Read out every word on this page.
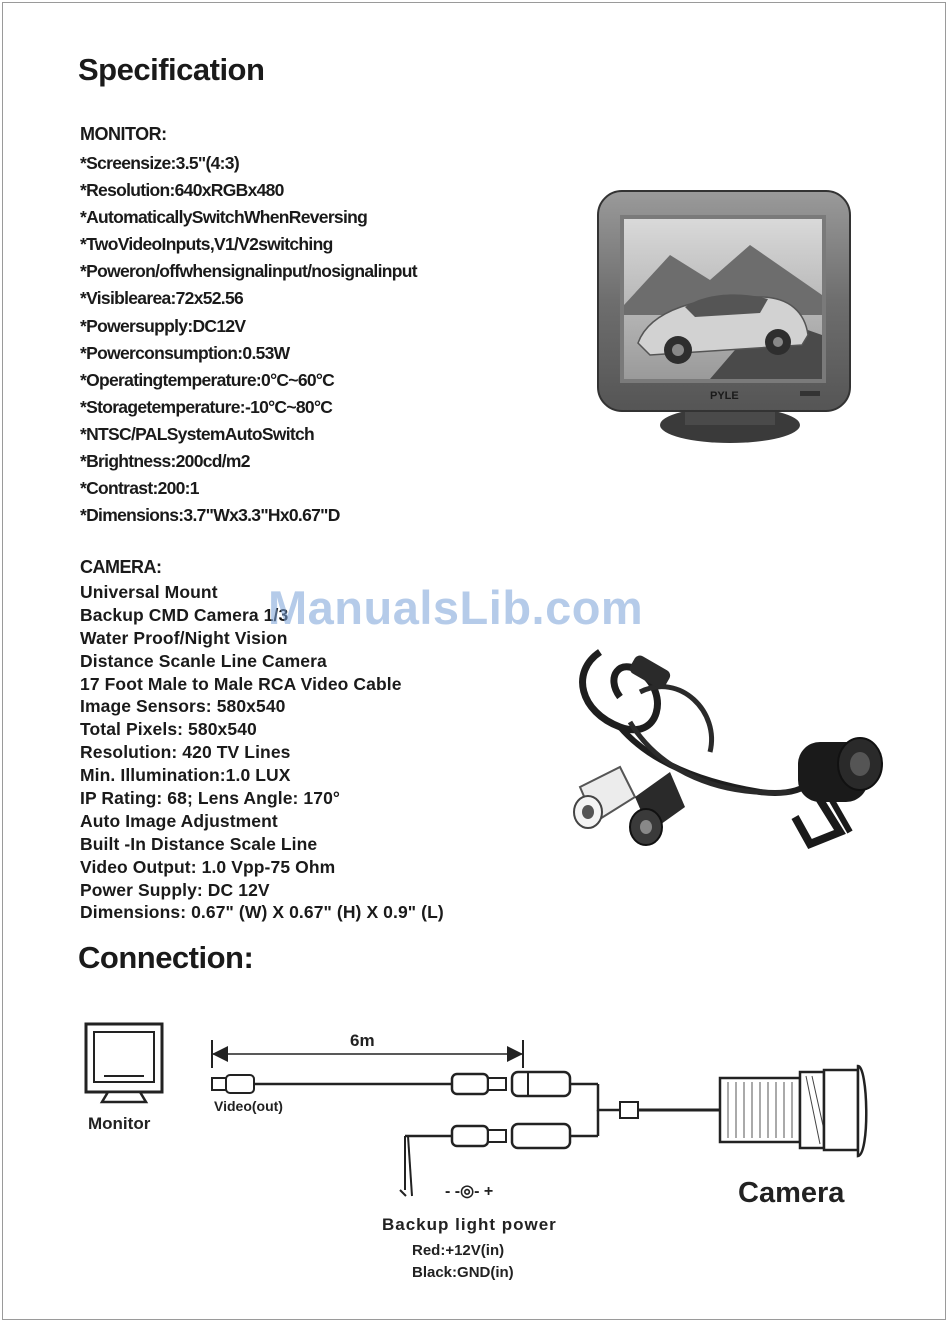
Specification
MONITOR:
*Screensize:3.5"(4:3)
*Resolution:640xRGBx480
*AutomaticallySwitchWhenReversing
*TwoVideoInputs,V1/V2switching
*Poweron/offwhensignalinput/nosignalinput
*Visiblearea:72x52.56
*Powersupply:DC12V
*Powerconsumption:0.53W
*Operatingtemperature:0°C~60°C
*Storagetemperature:-10°C~80°C
*NTSC/PALSystemAutoSwitch
*Brightness:200cd/m2
*Contrast:200:1
*Dimensions:3.7"Wx3.3"Hx0.67"D
PYLE
CAMERA:
Universal Mount
Backup CMD Camera 1/3
Water Proof/Night Vision
Distance Scanle Line Camera
17 Foot Male to Male RCA Video Cable
Image Sensors: 580x540
Total Pixels: 580x540
Resolution: 420 TV Lines
Min. Illumination:1.0 LUX
IP Rating: 68; Lens Angle: 170°
Auto Image Adjustment
Built -In Distance Scale Line
Video Output: 1.0 Vpp-75 Ohm
Power Supply: DC 12V
Dimensions: 0.67" (W) X 0.67" (H) X 0.9" (L)
ManualsLib.com
Connection:
Monitor
6m
Video(out)
Camera
- -◎- +
Backup light power
Red:+12V(in)
Black:GND(in)
